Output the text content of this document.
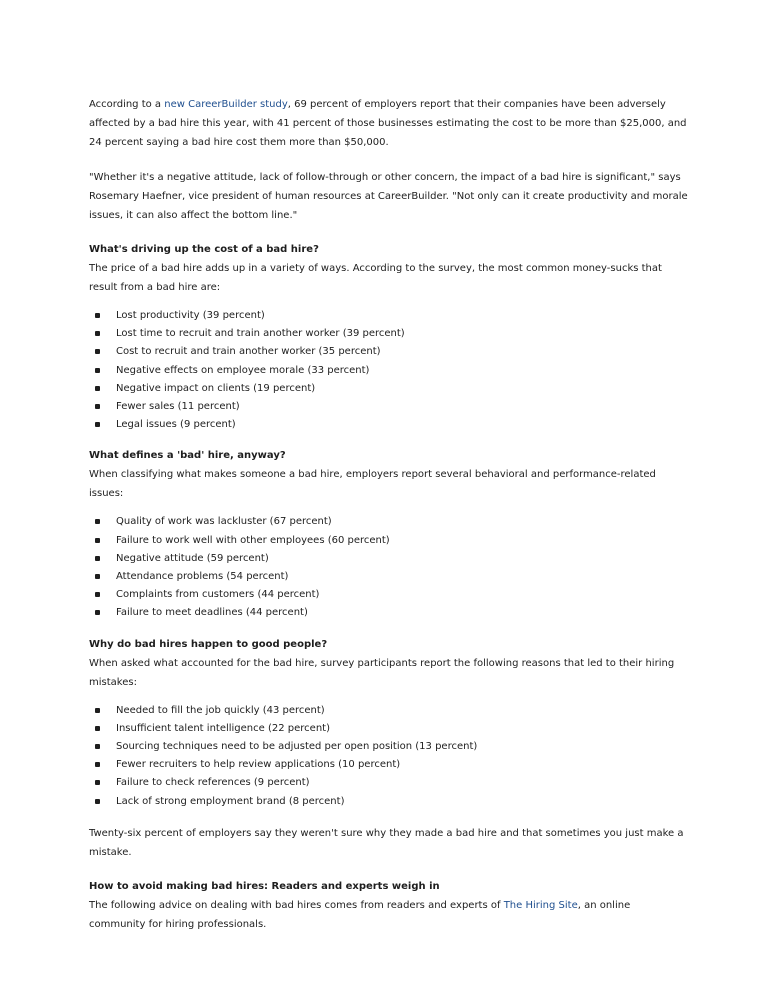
According to a new CareerBuilder study, 69 percent of employers report that their companies have been adversely affected by a bad hire this year, with 41 percent of those businesses estimating the cost to be more than $25,000, and 24 percent saying a bad hire cost them more than $50,000.

"Whether it's a negative attitude, lack of follow-through or other concern, the impact of a bad hire is significant," says Rosemary Haefner, vice president of human resources at CareerBuilder. "Not only can it create productivity and morale issues, it can also affect the bottom line."

What's driving up the cost of a bad hire?

The price of a bad hire adds up in a variety of ways. According to the survey, the most common money-sucks that result from a bad hire are:

Lost productivity (39 percent)
Lost time to recruit and train another worker (39 percent)
Cost to recruit and train another worker (35 percent)
Negative effects on employee morale (33 percent)
Negative impact on clients (19 percent)
Fewer sales (11 percent)
Legal issues (9 percent)

What defines a 'bad' hire, anyway?

When classifying what makes someone a bad hire, employers report several behavioral and performance-related issues:

Quality of work was lackluster (67 percent)
Failure to work well with other employees (60 percent)
Negative attitude (59 percent)
Attendance problems (54 percent)
Complaints from customers (44 percent)
Failure to meet deadlines (44 percent)

Why do bad hires happen to good people?

When asked what accounted for the bad hire, survey participants report the following reasons that led to their hiring mistakes:

Needed to fill the job quickly (43 percent)
Insufficient talent intelligence (22 percent)
Sourcing techniques need to be adjusted per open position (13 percent)
Fewer recruiters to help review applications (10 percent)
Failure to check references (9 percent)
Lack of strong employment brand (8 percent)

Twenty-six percent of employers say they weren't sure why they made a bad hire and that sometimes you just make a mistake.

How to avoid making bad hires: Readers and experts weigh in

The following advice on dealing with bad hires comes from readers and experts of The Hiring Site, an online community for hiring professionals.
